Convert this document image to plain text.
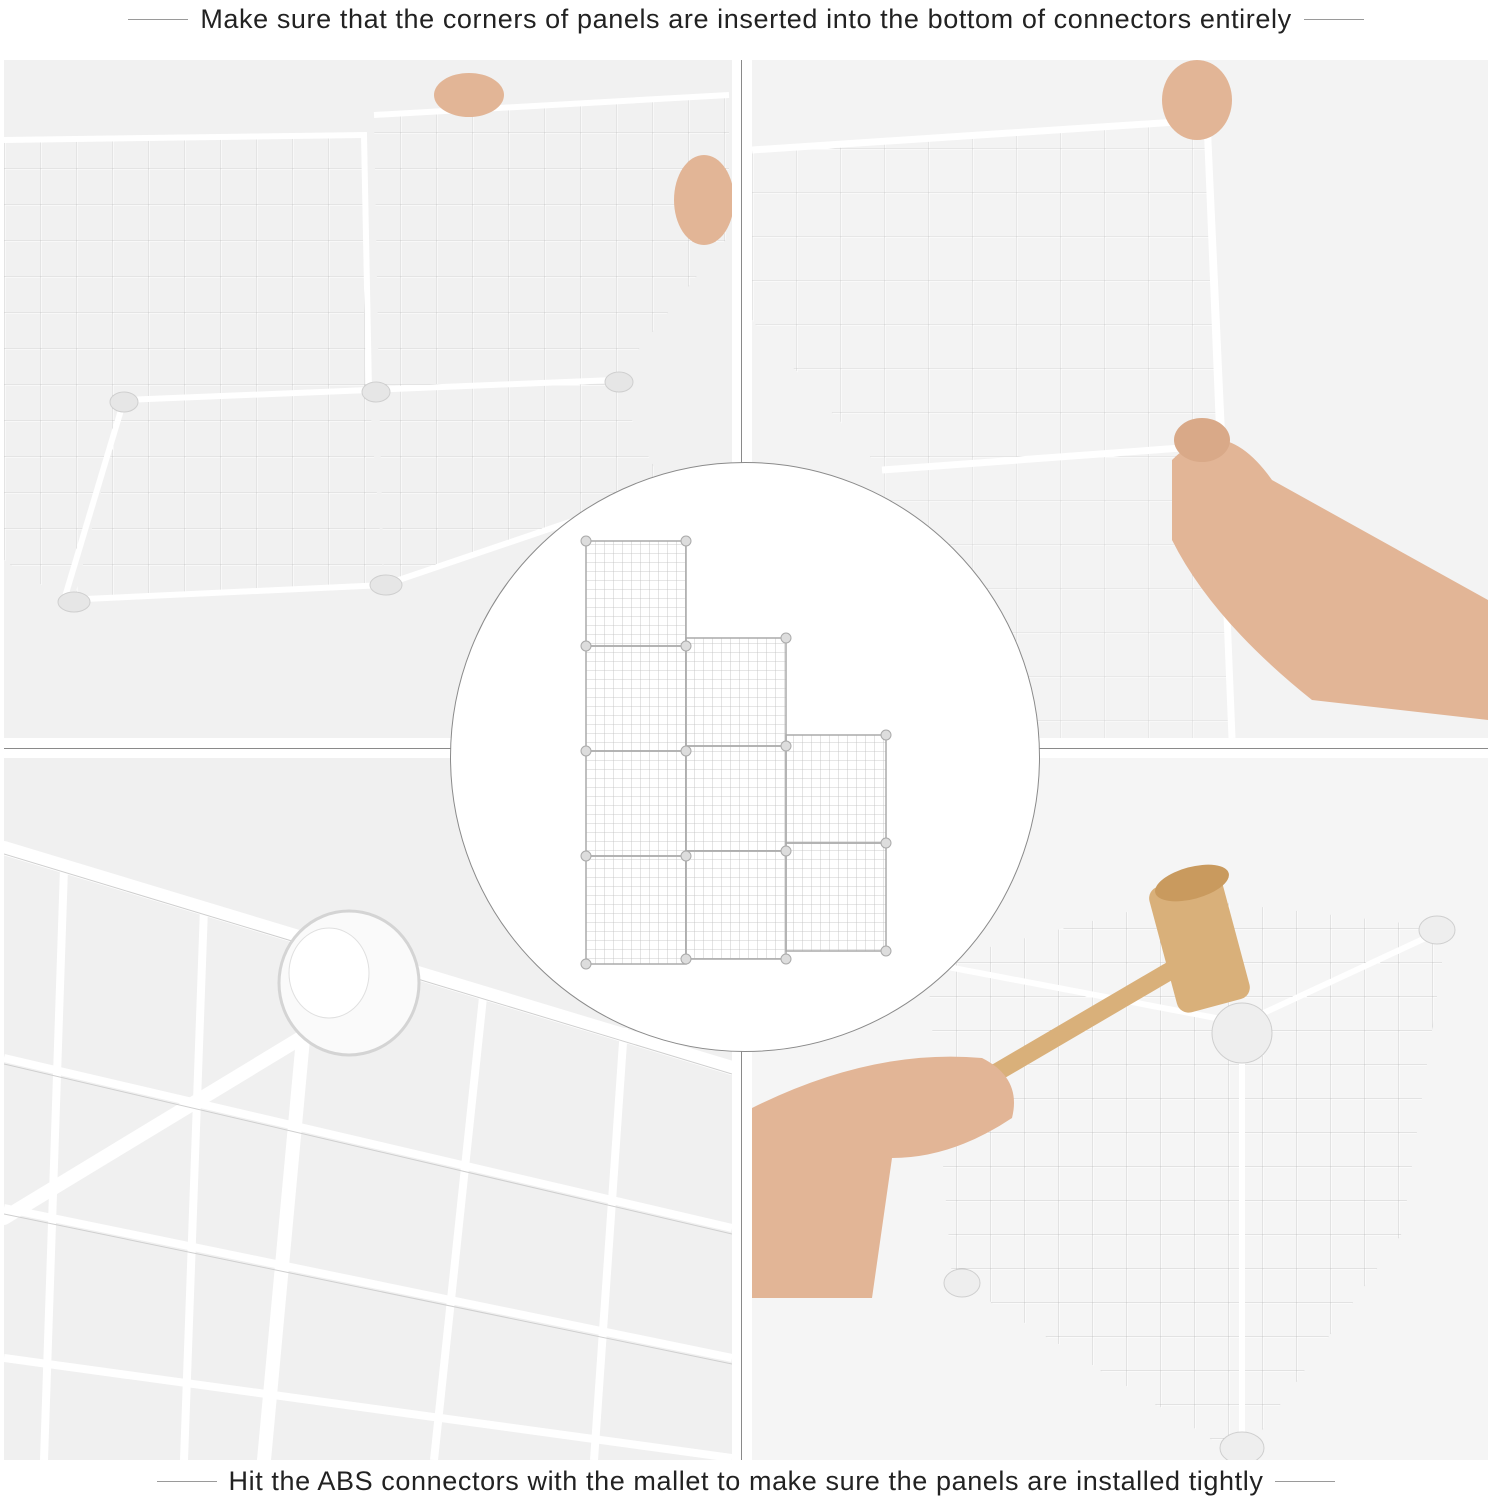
Make sure that the corners of panels are inserted into the bottom of connectors entirely
Hit the ABS connectors with the mallet to make sure the panels are installed tightly
